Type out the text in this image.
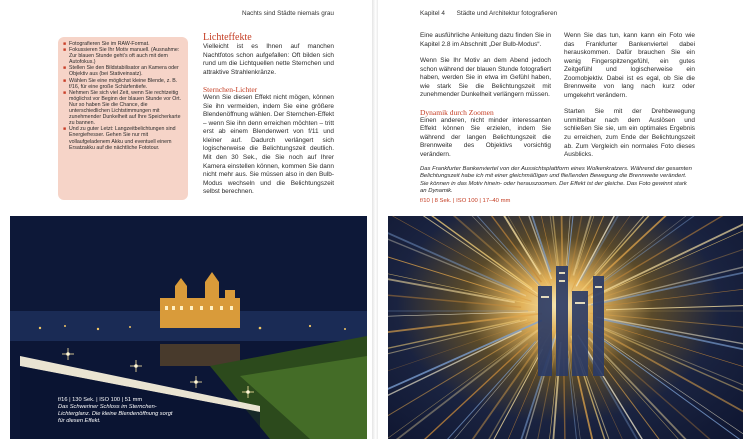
Nachts sind Städte niemals grau
■ Fotografieren Sie im RAW-Format.
■ Fokussieren Sie Ihr Motiv manuell. (Ausnahme: Zur blauen Stunde geht’s oft auch mit dem Autofokus.)
■ Stellen Sie den Bildstabilisator an Kamera oder Objektiv aus (bei Stativeinsatz).
■ Wählen Sie eine möglichst kleine Blende, z. B. f/16, für eine große Schärfentiefe.
■ Nehmen Sie sich viel Zeit, wenn Sie rechtzeitig möglichst vor Beginn der blauen Stunde vor Ort. Nur so haben Sie die Chance, die unterschiedlichen Lichtstimmungen mit zunehmender Dunkelheit auf Ihre Speicherkarte zu bannen.
■ Und zu guter Letzt: Langzeitbelichtungen sind Energiefresser. Gehen Sie nur mit vollaufgeladenem Akku und eventuell einem Ersatzakku auf die nächtliche Fototour.
Lichteffekte

Vielleicht ist es Ihnen auf manchen Nachtfotos schon aufgefallen: Oft bilden sich rund um die Lichtquellen nette Sternchen und attraktive Strahlenkränze.

Sternchen-Lichter

Wenn Sie diesen Effekt nicht mögen, können Sie ihn vermeiden, indem Sie eine größere Blendenöffnung wählen. Der Sternchen-Effekt – wenn Sie ihn denn erreichen möchten – tritt erst ab einem Blendenwert von f/11 und kleiner auf. Dadurch verlängert sich logischerweise die Belichtungszeit deutlich. Mit den 30 Sek., die Sie noch auf Ihrer Kamera einstellen können, kommen Sie dann nicht mehr aus. Sie müssen also in den Bulb-Modus wechseln und die Belichtungszeit selbst berechnen.

f/16 | 130 Sek. | ISO 100 | 51 mm
Das Schweriner Schloss im Sternchen-Lichterglanz. Die kleine Blendenöffnung sorgt für diesen Effekt.
Kapitel 4 Städte und Architektur fotografieren

Eine ausführliche Anleitung dazu finden Sie in Kapitel 2.8 im Abschnitt „Der Bulb-Modus“.

Wenn Sie Ihr Motiv an dem Abend jedoch schon während der blauen Stunde fotografiert haben, werden Sie in etwa im Gefühl haben, wie stark Sie die Belichtungszeit mit zunehmender Dunkelheit verlängern müssen.

Dynamik durch Zoomen

Einen anderen, nicht minder interessanten Effekt können Sie erzielen, indem Sie während der langen Belichtungszeit die Brennweite des Objektivs vorsichtig verändern.

Wenn Sie das tun, kann kann ein Foto wie das Frankfurter Bankenviertel dabei herauskommen. Dafür brauchen Sie ein wenig Fingerspitzengefühl, ein gutes Zeitgefühl und logischerweise ein Zoomobjektiv. Dabei ist es egal, ob Sie die Brennweite von lang nach kurz oder umgekehrt verändern.

Starten Sie mit der Drehbewegung unmittelbar nach dem Auslösen und schließen Sie sie, um ein optimales Ergebnis zu erreichen, zum Ende der Belichtungszeit ab. Zum Vergleich ein normales Foto dieses Ausblicks.

Das Frankfurter Bankenviertel von der Aussichtsplattform eines Wolkenkratzers. Während der gesamten Belichtungszeit habe ich mit einer gleichmäßigen und fließenden Bewegung die Brennweite verändert. Sie können in das Motiv hinein- oder herauszoomen. Der Effekt ist der gleiche. Das Foto gewinnt stark an Dynamik.
f/10 | 8 Sek. | ISO 100 | 17–40 mm
